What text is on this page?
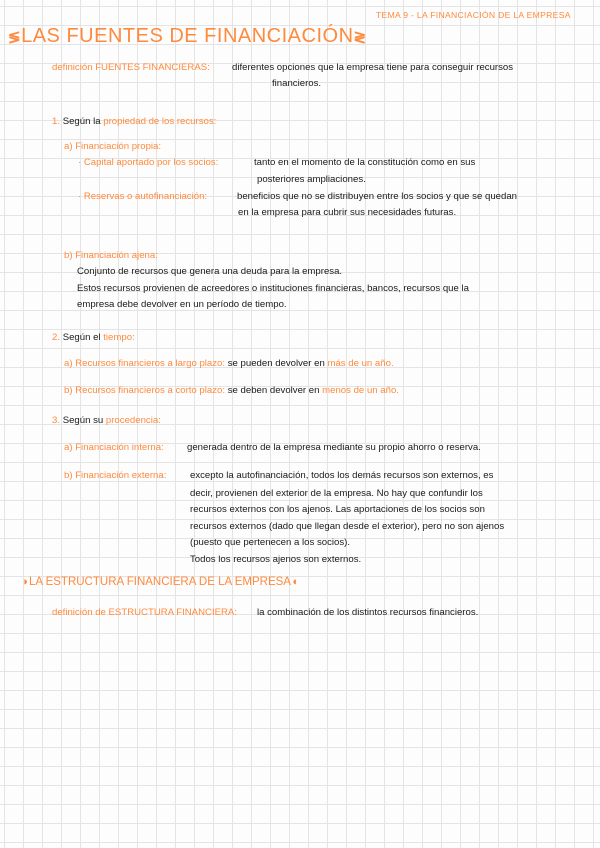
TEMA 9 - LA FINANCIACIÓN DE LA EMPRESA
≶LAS FUENTES DE FINANCIACIÓN≷
definición FUENTES FINANCIERAS: diferentes opciones que la empresa tiene para conseguir recursos
financieros.
1. Según la propiedad de los recursos:
a) Financiación propia:
· Capital aportado por los socios:	tanto en el momento de la constitución como en sus
posteriores ampliaciones.
· Reservas o autofinanciación:	beneficios que no se distribuyen entre los socios y que se quedan
en la empresa para cubrir sus necesidades futuras.
b) Financiación ajena:
Conjunto de recursos que genera una deuda para la empresa.
Estos recursos provienen de acreedores o instituciones financieras, bancos, recursos que la
empresa debe devolver en un período de tiempo.
2. Según el tiempo:
a) Recursos financieros a largo plazo: se pueden devolver en más de un año.
b) Recursos financieros a corto plazo: se deben devolver en menos de un año.
3. Según su procedencia:
a) Financiación interna: generada dentro de la empresa mediante su propio ahorro o reserva.
b) Financiación externa: excepto la autofinanciación, todos los demás recursos son externos, es
decir, provienen del exterior de la empresa. No hay que confundir los
recursos externos con los ajenos. Las aportaciones de los socios son
recursos externos (dado que llegan desde el exterior), pero no son ajenos
(puesto que pertenecen a los socios).
Todos los recursos ajenos son externos.
◗LA ESTRUCTURA FINANCIERA DE LA EMPRESA◖
definición de ESTRUCTURA FINANCIERA: la combinación de los distintos recursos financieros.
